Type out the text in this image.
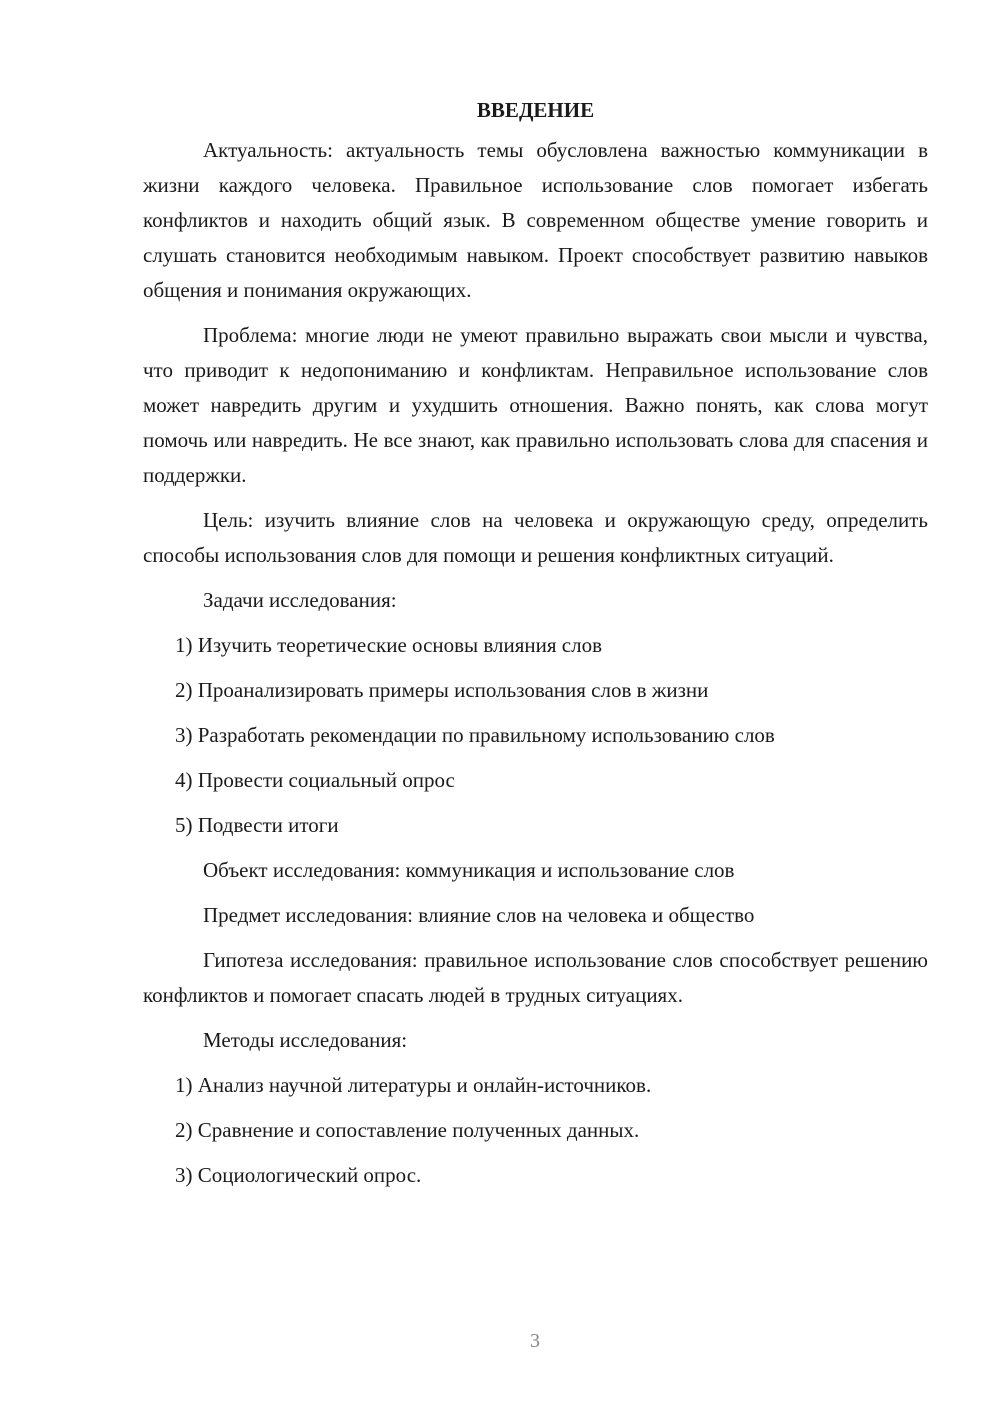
ВВЕДЕНИЕ

Актуальность: актуальность темы обусловлена важностью коммуникации в жизни каждого человека. Правильное использование слов помогает избегать конфликтов и находить общий язык. В современном обществе умение говорить и слушать становится необходимым навыком. Проект способствует развитию навыков общения и понимания окружающих.

Проблема: многие люди не умеют правильно выражать свои мысли и чувства, что приводит к недопониманию и конфликтам. Неправильное использование слов может навредить другим и ухудшить отношения. Важно понять, как слова могут помочь или навредить. Не все знают, как правильно использовать слова для спасения и поддержки.

Цель: изучить влияние слов на человека и окружающую среду, определить способы использования слов для помощи и решения конфликтных ситуаций.

Задачи исследования:
1) Изучить теоретические основы влияния слов
2) Проанализировать примеры использования слов в жизни
3) Разработать рекомендации по правильному использованию слов
4) Провести социальный опрос
5) Подвести итоги
Объект исследования: коммуникация и использование слов
Предмет исследования: влияние слов на человека и общество

Гипотеза исследования: правильное использование слов способствует решению конфликтов и помогает спасать людей в трудных ситуациях.

Методы исследования:
1) Анализ научной литературы и онлайн-источников.
2) Сравнение и сопоставление полученных данных.
3) Социологический опрос.
3
